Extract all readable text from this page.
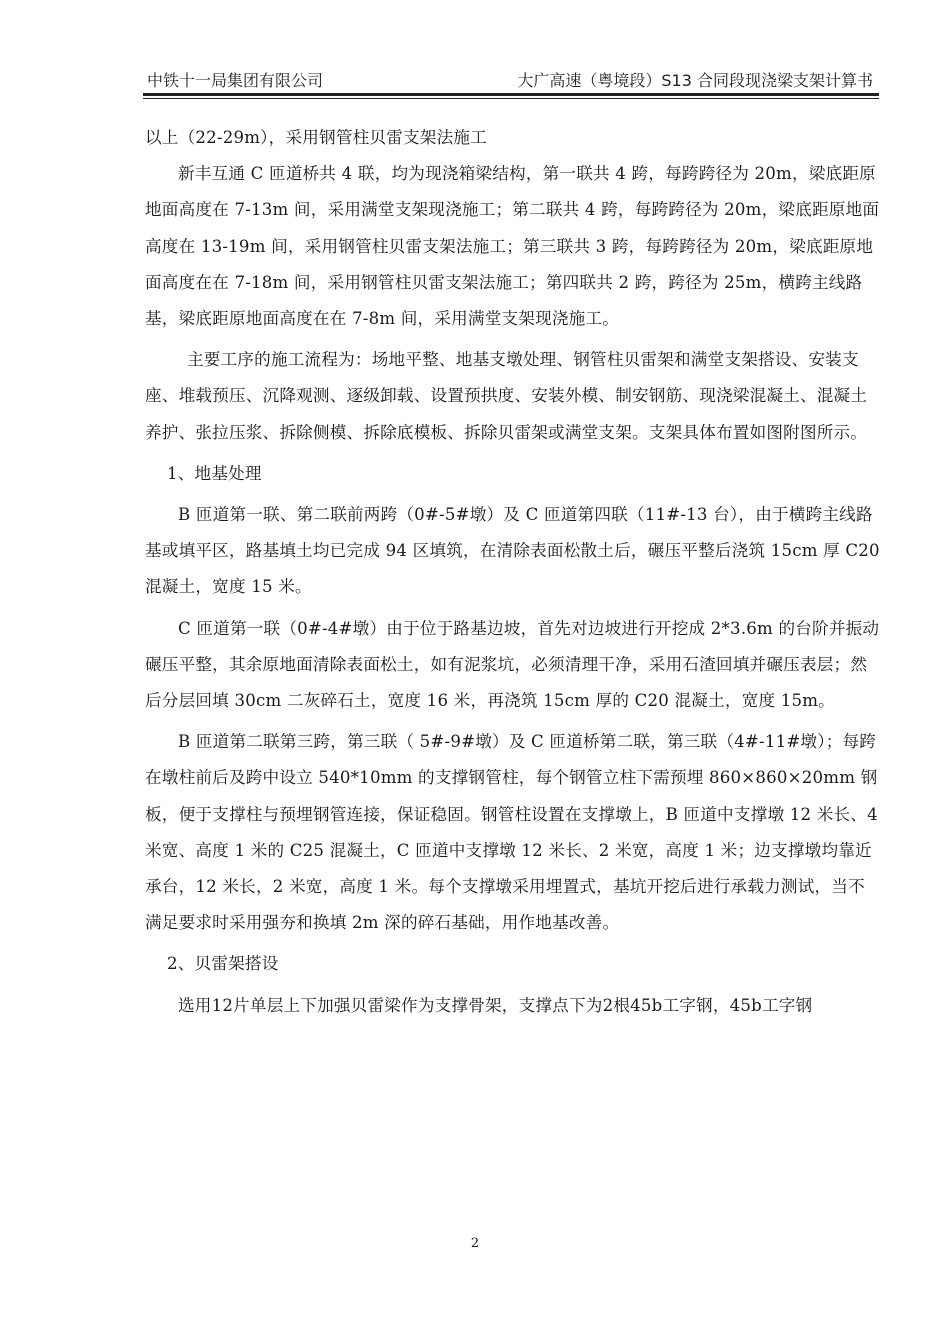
中铁十一局集团有限公司	大广高速（粤境段）S13 合同段现浇梁支架计算书

以上（22-29m），采用钢管柱贝雷支架法施工

新丰互通 C 匝道桥共 4 联，均为现浇箱梁结构，第一联共 4 跨，每跨跨径为 20m，梁底距原地面高度在 7-13m 间，采用满堂支架现浇施工；第二联共 4 跨，每跨跨径为 20m，梁底距原地面高度在 13-19m 间，采用钢管柱贝雷支架法施工；第三联共 3 跨，每跨跨径为 20m，梁底距原地面高度在在 7-18m 间，采用钢管柱贝雷支架法施工；第四联共 2 跨，跨径为 25m，横跨主线路基，梁底距原地面高度在在 7-8m 间，采用满堂支架现浇施工。

主要工序的施工流程为：场地平整、地基支墩处理、钢管柱贝雷架和满堂支架搭设、安装支座、堆载预压、沉降观测、逐级卸载、设置预拱度、安装外模、制安钢筋、现浇梁混凝土、混凝土养护、张拉压浆、拆除侧模、拆除底模板、拆除贝雷架或满堂支架。支架具体布置如图附图所示。

1、地基处理

B 匝道第一联、第二联前两跨（0#-5#墩）及 C 匝道第四联（11#-13 台），由于横跨主线路基或填平区，路基填土均已完成 94 区填筑，在清除表面松散土后，碾压平整后浇筑 15cm 厚 C20 混凝土，宽度 15 米。

C 匝道第一联（0#-4#墩）由于位于路基边坡，首先对边坡进行开挖成 2*3.6m 的台阶并振动碾压平整，其余原地面清除表面松土，如有泥浆坑，必须清理干净，采用石渣回填并碾压表层；然后分层回填 30cm 二灰碎石土，宽度 16 米，再浇筑 15cm 厚的 C20 混凝土，宽度 15m。

B 匝道第二联第三跨，第三联（ 5#-9#墩）及 C 匝道桥第二联，第三联（4#-11#墩）；每跨在墩柱前后及跨中设立 540*10mm 的支撑钢管柱，每个钢管立柱下需预埋 860×860×20mm 钢板，便于支撑柱与预埋钢管连接，保证稳固。钢管柱设置在支撑墩上，B 匝道中支撑墩 12 米长、4 米宽、高度 1 米的 C25 混凝土，C 匝道中支撑墩 12 米长、2 米宽，高度 1 米；边支撑墩均靠近承台，12 米长，2 米宽，高度 1 米。每个支撑墩采用埋置式，基坑开挖后进行承载力测试，当不满足要求时采用强夯和换填 2m 深的碎石基础，用作地基改善。

2、贝雷架搭设

选用12片单层上下加强贝雷梁作为支撑骨架，支撑点下为2根45b工字钢，45b工字钢

2
